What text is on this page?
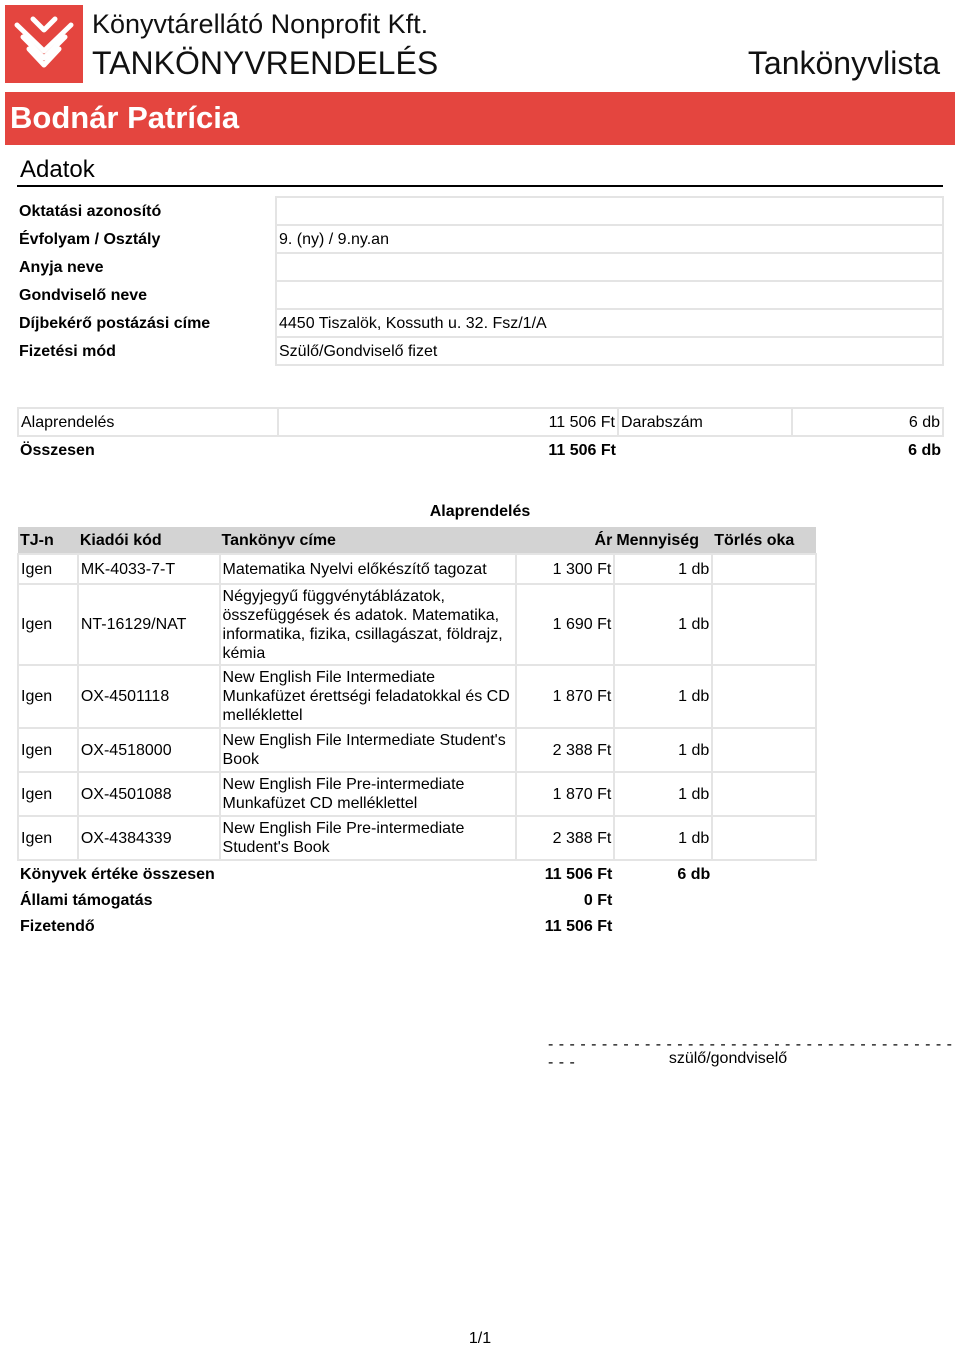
Könyvtárellátó Nonprofit Kft.
TANKÖNYVRENDELÉS	Tankönyvlista
Bodnár Patrícia
Adatok
Oktatási azonosító	
Évfolyam / Osztály	9. (ny) / 9.ny.an
Anyja neve	
Gondviselő neve	
Díjbekérő postázási címe	4450 Tiszalök, Kossuth u. 32. Fsz/1/A
Fizetési mód	Szülő/Gondviselő fizet
Alaprendelés	11 506 Ft	Darabszám	6 db
Összesen	11 506 Ft		6 db
Alaprendelés
TJ-n	Kiadói kód	Tankönyv címe	Ár	Mennyiség	Törlés oka
Igen	MK-4033-7-T	Matematika Nyelvi előkészítő tagozat	1 300 Ft	1 db	
Igen	NT-16129/NAT	Négyjegyű függvénytáblázatok, összefüggések és adatok. Matematika, informatika, fizika, csillagászat, földrajz, kémia	1 690 Ft	1 db	
Igen	OX-4501118	New English File Intermediate Munkafüzet érettségi feladatokkal és CD melléklettel	1 870 Ft	1 db	
Igen	OX-4518000	New English File Intermediate Student's Book	2 388 Ft	1 db	
Igen	OX-4501088	New English File Pre-intermediate Munkafüzet CD melléklettel	1 870 Ft	1 db	
Igen	OX-4384339	New English File Pre-intermediate Student's Book	2 388 Ft	1 db	
Könyvek értéke összesen			11 506 Ft	6 db	
Állami támogatás			0 Ft		
Fizetendő			11 506 Ft		
- - - - - - - - - - - - - - - - - - - - - - - - - - - - - - - - - - - - - - - - -	szülő/gondviselő
1/1
